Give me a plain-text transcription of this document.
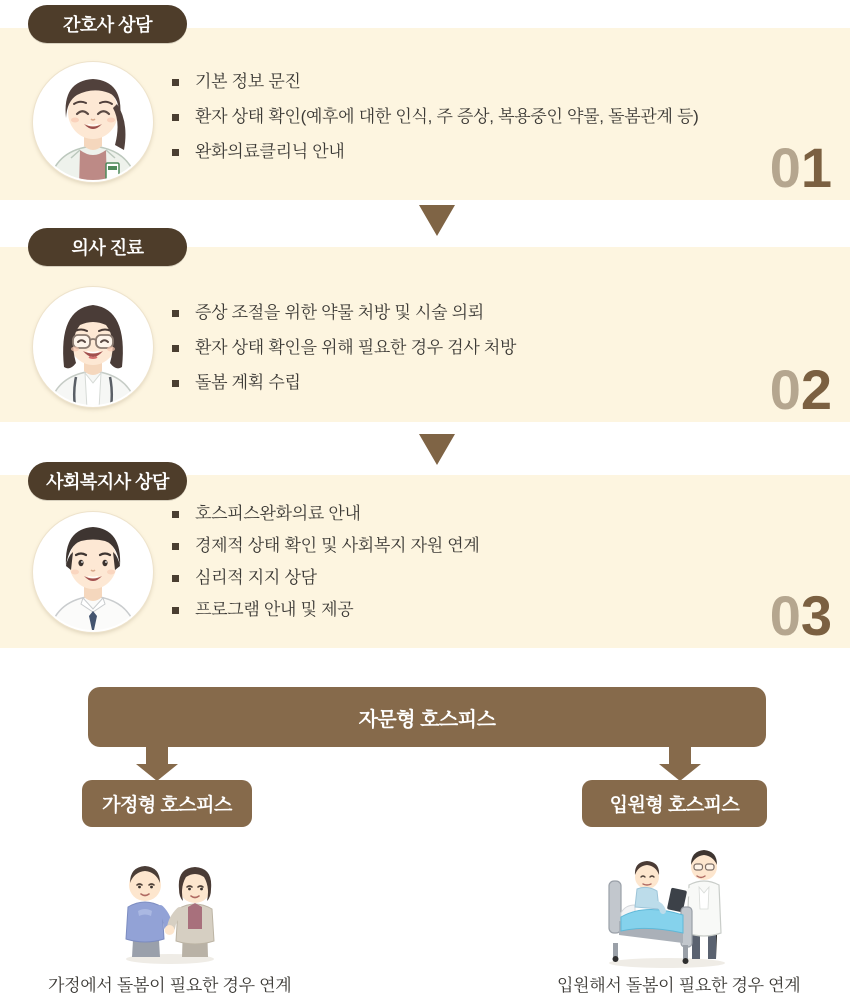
01
간호사 상담
기본 정보 문진
환자 상태 확인(예후에 대한 인식, 주 증상, 복용중인 약물, 돌봄관계 등)
완화의료클리닉 안내
02
의사 진료
증상 조절을 위한 약물 처방 및 시술 의뢰
환자 상태 확인을 위해 필요한 경우 검사 처방
돌봄 계획 수립
03
사회복지사 상담
호스피스완화의료 안내
경제적 상태 확인 및 사회복지 자원 연계
심리적 지지 상담
프로그램 안내 및 제공
자문형 호스피스
가정형 호스피스	입원형 호스피스
가정에서 돌봄이 필요한 경우 연계	입원해서 돌봄이 필요한 경우 연계
